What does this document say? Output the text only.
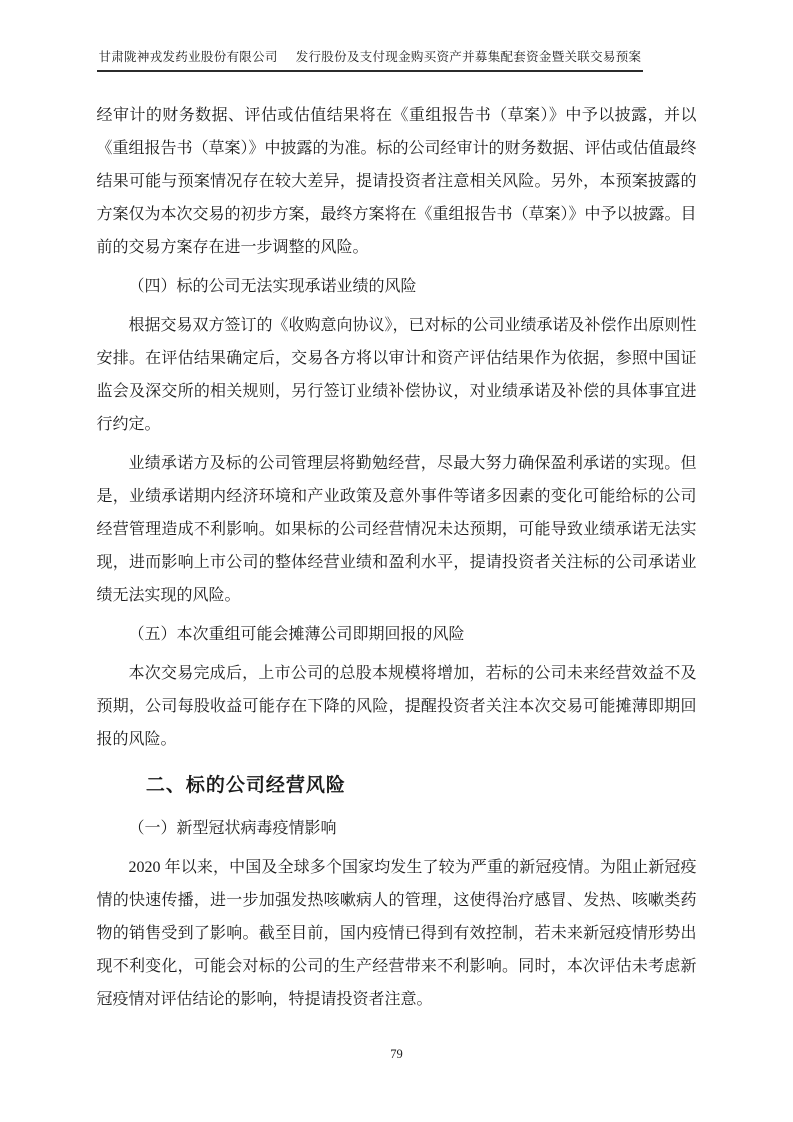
甘肃陇神戎发药业股份有限公司 发行股份及支付现金购买资产并募集配套资金暨关联交易预案

经审计的财务数据、评估或估值结果将在《重组报告书（草案）》中予以披露，并以《重组报告书（草案）》中披露的为准。标的公司经审计的财务数据、评估或估值最终结果可能与预案情况存在较大差异，提请投资者注意相关风险。另外，本预案披露的方案仅为本次交易的初步方案，最终方案将在《重组报告书（草案）》中予以披露。目前的交易方案存在进一步调整的风险。

（四）标的公司无法实现承诺业绩的风险

根据交易双方签订的《收购意向协议》，已对标的公司业绩承诺及补偿作出原则性安排。在评估结果确定后，交易各方将以审计和资产评估结果作为依据，参照中国证监会及深交所的相关规则，另行签订业绩补偿协议，对业绩承诺及补偿的具体事宜进行约定。

业绩承诺方及标的公司管理层将勤勉经营，尽最大努力确保盈利承诺的实现。但是，业绩承诺期内经济环境和产业政策及意外事件等诸多因素的变化可能给标的公司经营管理造成不利影响。如果标的公司经营情况未达预期，可能导致业绩承诺无法实现，进而影响上市公司的整体经营业绩和盈利水平，提请投资者关注标的公司承诺业绩无法实现的风险。

（五）本次重组可能会摊薄公司即期回报的风险

本次交易完成后，上市公司的总股本规模将增加，若标的公司未来经营效益不及预期，公司每股收益可能存在下降的风险，提醒投资者关注本次交易可能摊薄即期回报的风险。

二、标的公司经营风险

（一）新型冠状病毒疫情影响

2020 年以来，中国及全球多个国家均发生了较为严重的新冠疫情。为阻止新冠疫情的快速传播，进一步加强发热咳嗽病人的管理，这使得治疗感冒、发热、咳嗽类药物的销售受到了影响。截至目前，国内疫情已得到有效控制，若未来新冠疫情形势出现不利变化，可能会对标的公司的生产经营带来不利影响。同时，本次评估未考虑新冠疫情对评估结论的影响，特提请投资者注意。

79
